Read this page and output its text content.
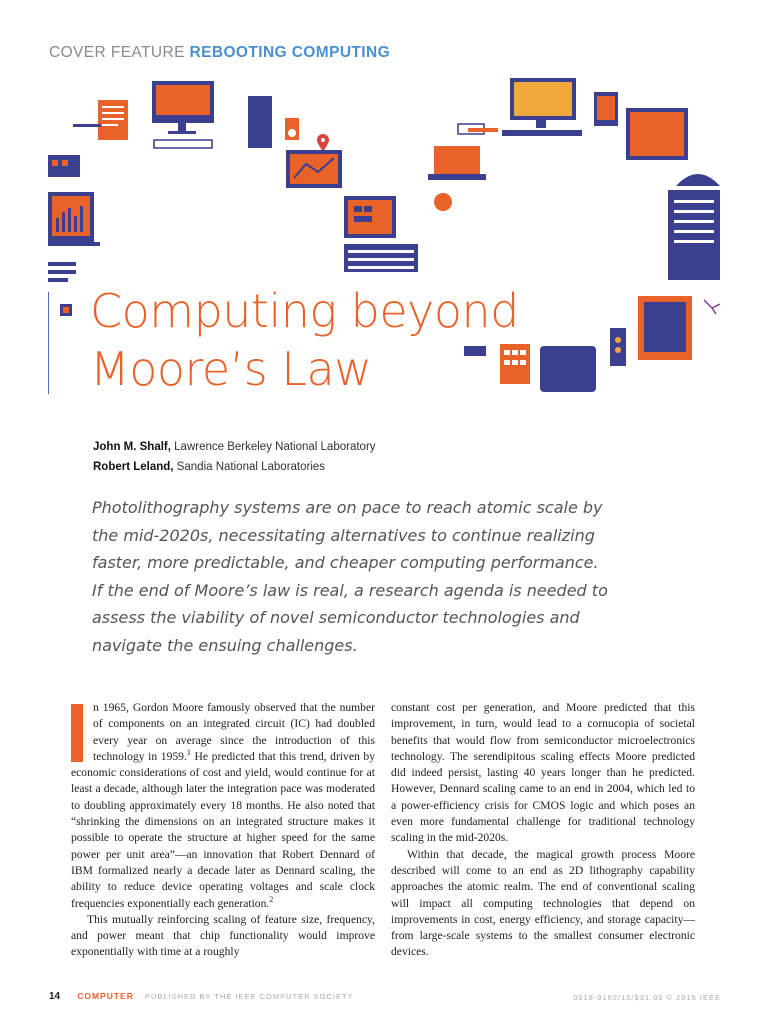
COVER FEATURE REBOOTING COMPUTING
Computing beyond
Moore’s Law
John M. Shalf, Lawrence Berkeley National Laboratory
Robert Leland, Sandia National Laboratories
Photolithography systems are on pace to reach atomic scale by the mid-2020s, necessitating alternatives to continue realizing faster, more predictable, and cheaper computing performance. If the end of Moore’s law is real, a research agenda is needed to assess the viability of novel semiconductor technologies and navigate the ensuing challenges.

n 1965, Gordon Moore famously observed that the number of components on an integrated circuit (IC) had doubled every year on average since the introduction of this technology in 1959.$^1$ He predicted that this trend, driven by economic considerations of cost and yield, would continue for at least a decade, although later the integration pace was moderated to doubling approximately every 18 months. He also noted that “shrinking the dimensions on an integrated structure makes it possible to operate the structure at higher speed for the same power per unit area”—an innovation that Robert Dennard of IBM formalized nearly a decade later as Dennard scaling, the ability to reduce device operating voltages and scale clock frequencies exponentially each generation.$^2$

This mutually reinforcing scaling of feature size, frequency, and power meant that chip functionality would improve exponentially with time at a roughly

constant cost per generation, and Moore predicted that this improvement, in turn, would lead to a cornucopia of societal benefits that would flow from semiconductor microelectronics technology. The serendipitous scaling effects Moore predicted did indeed persist, lasting 40 years longer than he predicted. However, Dennard scaling came to an end in 2004, which led to a power-efficiency crisis for CMOS logic and which poses an even more fundamental challenge for traditional technology scaling in the mid-2020s.

Within that decade, the magical growth process Moore described will come to an end as 2D lithography capability approaches the atomic realm. The end of conventional scaling will impact all computing technologies that depend on improvements in cost, energy efficiency, and storage capacity—from large-scale systems to the smallest consumer electronic devices.

14 COMPUTER PUBLISHED BY THE IEEE COMPUTER SOCIETY	0018-9162/15/$31.00 © 2015 IEEE
